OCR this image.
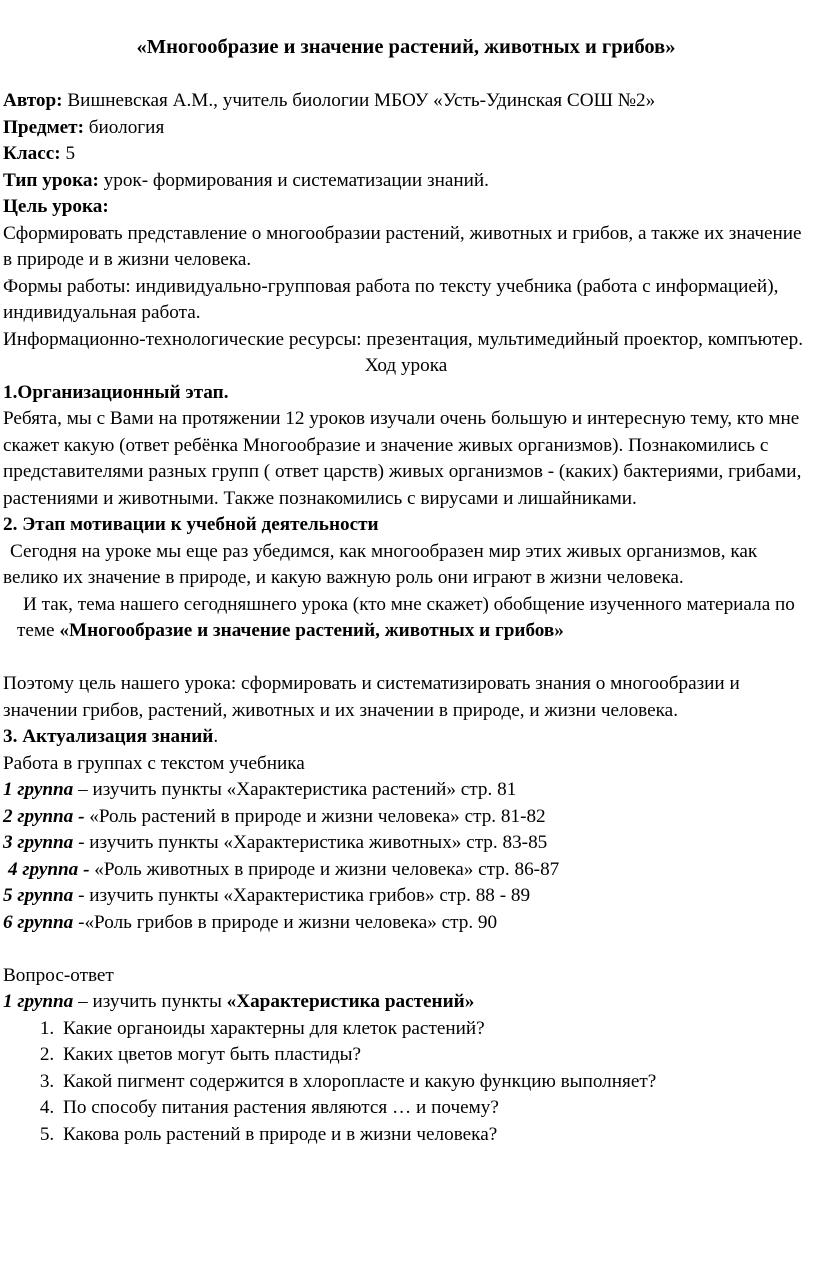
«Многообразие и значение растений, животных и грибов»

Автор: Вишневская А.М., учитель биологии МБОУ «Усть-Удинская СОШ №2»

Предмет: биология

Класс: 5

Тип урока: урок- формирования и систематизации знаний.

Цель урока:

Сформировать представление о многообразии растений, животных и грибов, а также их значение в природе и в жизни человека.

Формы работы: индивидуально-групповая работа по тексту учебника (работа с информацией), индивидуальная работа.

Информационно-технологические ресурсы: презентация, мультимедийный проектор, компъютер.

Ход урока

1.Организационный этап.

Ребята, мы с Вами на протяжении 12 уроков изучали очень большую и интересную тему, кто мне скажет какую (ответ ребёнка Многообразие и значение живых организмов). Познакомились с представителями разных групп ( ответ царств) живых организмов - (каких) бактериями, грибами, растениями и животными. Также познакомились с вирусами и лишайниками.

2. Этап мотивации к учебной деятельности

Сегодня на уроке мы еще раз убедимся, как многообразен мир этих живых организмов, как велико их значение в природе, и какую важную роль они играют в жизни человека.

И так, тема нашего сегодняшнего урока (кто мне скажет) обобщение изученного материала по теме «Многообразие и значение растений, животных и грибов»

Поэтому цель нашего урока: сформировать и систематизировать знания о многообразии и значении грибов, растений, животных и их значении в природе, и жизни человека.

3. Актуализация знаний.

Работа в группах с текстом учебника

1 группа – изучить пункты «Характеристика растений» стр. 81

2 группа - «Роль растений в природе и жизни человека» стр. 81-82

3 группа - изучить пункты «Характеристика животных» стр. 83-85

4 группа - «Роль животных в природе и жизни человека» стр. 86-87

5 группа - изучить пункты «Характеристика грибов» стр. 88 - 89

6 группа -«Роль грибов в природе и жизни человека» стр. 90

Вопрос-ответ

1 группа – изучить пункты «Характеристика растений»

1. Какие органоиды характерны для клеток растений?
2. Каких цветов могут быть пластиды?
3. Какой пигмент содержится в хлоропласте и какую функцию выполняет?
4. По способу питания растения являются … и почему?
5. Какова роль растений в природе и в жизни человека?
